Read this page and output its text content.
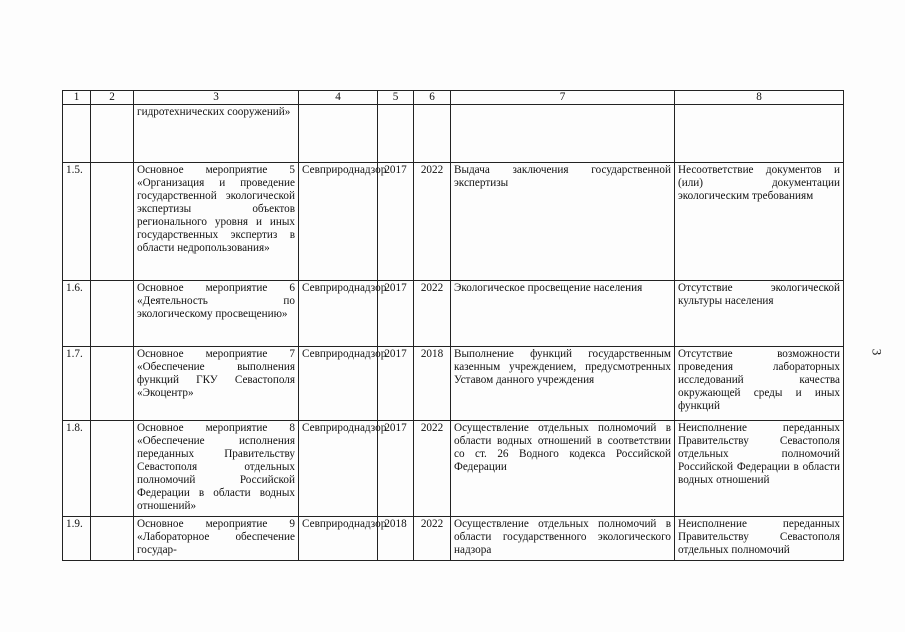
1	2	3	4	5	6	7	8
		гидротехнических сооружений»					
1.5.		Основное мероприятие 5 «Организация и проведение государственной экологической экспертизы объектов регионального уровня и иных государственных экспертиз в области недропользования»	Севприроднадзор	2017	2022	Выдача заключения государственной экспертизы	Несоответствие документов и (или) документации экологическим требованиям
1.6.		Основное мероприятие 6 «Деятельность по экологическому просвещению»	Севприроднадзор	2017	2022	Экологическое просвещение населения	Отсутствие экологической культуры населения
1.7.		Основное мероприятие 7 «Обеспечение выполнения функций ГКУ Севастополя «Экоцентр»	Севприроднадзор	2017	2018	Выполнение функций государственным казенным учреждением, предусмотренных Уставом данного учреждения	Отсутствие возможности проведения лабораторных исследований качества окружающей среды и иных функций
1.8.		Основное мероприятие 8 «Обеспечение исполнения переданных Правительству Севастополя отдельных полномочий Российской Федерации в области водных отношений»	Севприроднадзор	2017	2022	Осуществление отдельных полномочий в области водных отношений в соответствии со ст. 26 Водного кодекса Российской Федерации	Неисполнение переданных Правительству Севастополя отдельных полномочий Российской Федерации в области водных отношений
1.9.		Основное мероприятие 9 «Лабораторное обеспечение государ-	Севприроднадзор	2018	2022	Осуществление отдельных полномочий в области государственного экологического надзора	Неисполнение переданных Правительству Севастополя отдельных полномочий
3
